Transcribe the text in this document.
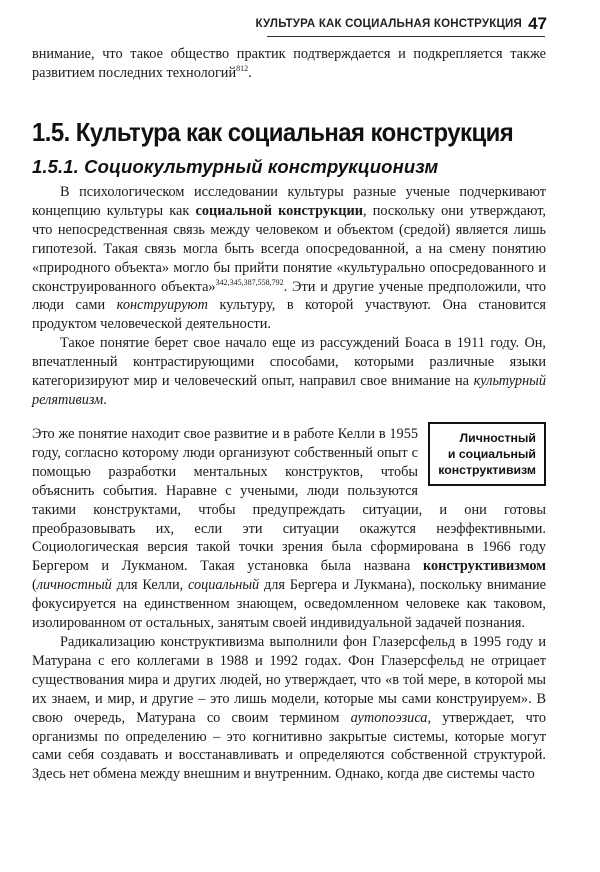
КУЛЬТУРА КАК СОЦИАЛЬНАЯ КОНСТРУКЦИЯ 47

внимание, что такое общество практик подтверждается и подкрепляется также развитием последних технологий$^{812}$.

1.5. Культура как социальная конструкция
1.5.1. Социокультурный конструкционизм

В психологическом исследовании культуры разные ученые подчеркивают концепцию культуры как социальной конструкции, поскольку они утверждают, что непосредственная связь между человеком и объектом (средой) является лишь гипотезой. Такая связь могла быть всегда опосредованной, а на смену понятию «природного объекта» могло бы прийти понятие «культурально опосредованного и сконструированного объекта»$^{342,345,387,558,792}$. Эти и другие ученые предположили, что люди сами конструируют культуру, в которой участвуют. Она становится продуктом человеческой деятельности.

Такое понятие берет свое начало еще из рассуждений Боаса в 1911 году. Он, впечатленный контрастирующими способами, которыми различные языки категоризируют мир и человеческий опыт, направил свое внимание на культурный релятивизм.

Личностный
и социальный
конструктивизм

Это же понятие находит свое развитие и в работе Келли в 1955 году, согласно которому люди организуют собственный опыт с помощью разработки ментальных конструктов, чтобы объяснить события. Наравне с учеными, люди пользуются такими конструктами, чтобы предупреждать ситуации, и они готовы преобразовывать их, если эти ситуации окажутся неэффективными. Социологическая версия такой точки зрения была сформирована в 1966 году Бергером и Лукманом. Такая установка была названа конструктивизмом (личностный для Келли, социальный для Бергера и Лукмана), поскольку внимание фокусируется на единственном знающем, осведомленном человеке как таковом, изолированном от остальных, занятым своей индивидуальной задачей познания.

Радикализацию конструктивизма выполнили фон Глазерсфельд в 1995 году и Матурана с его коллегами в 1988 и 1992 годах. Фон Глазерсфельд не отрицает существования мира и других людей, но утверждает, что «в той мере, в которой мы их знаем, и мир, и другие – это лишь модели, которые мы сами конструируем». В свою очередь, Матурана со своим термином аутопоэзиса, утверждает, что организмы по определению – это когнитивно закрытые системы, которые могут сами себя создавать и восстанавливать и определяются собственной структурой. Здесь нет обмена между внешним и внутренним. Однако, когда две системы часто
